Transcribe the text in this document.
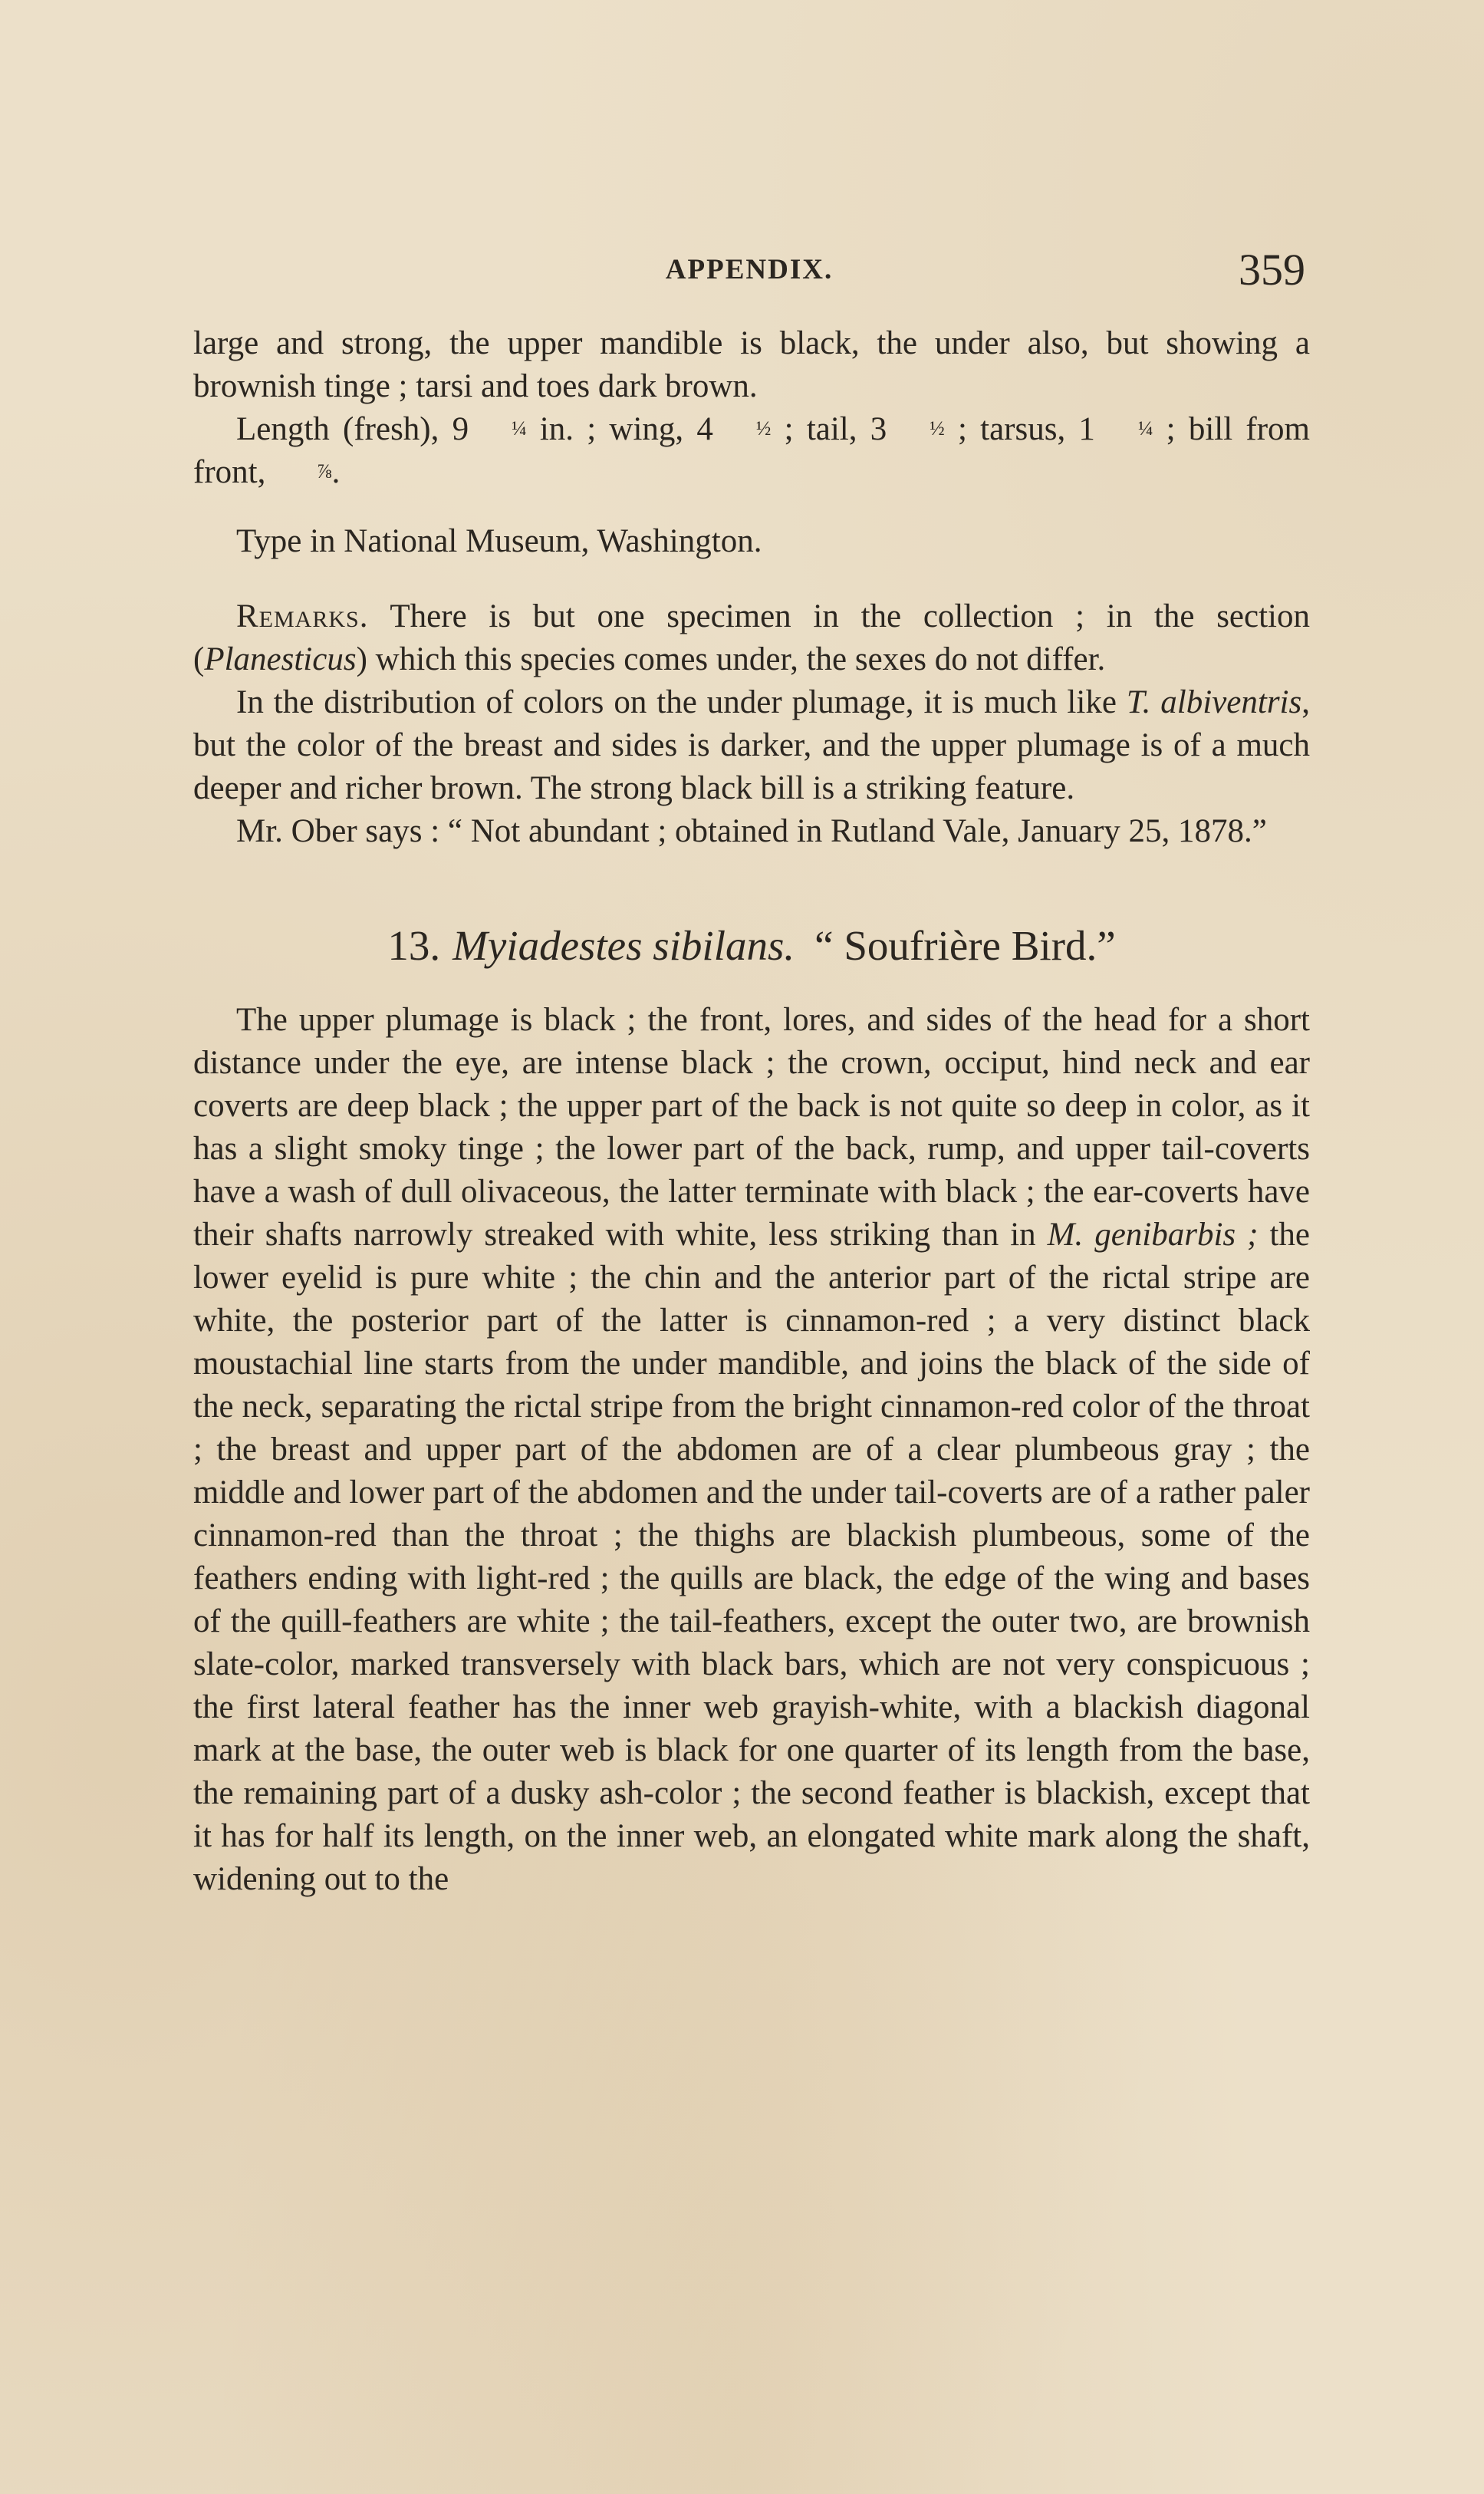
APPENDIX.	359

large and strong, the upper mandible is black, the under also, but showing a brownish tinge ; tarsi and toes dark brown.

Length (fresh), 9 ¼ in. ; wing, 4 ½ ; tail, 3 ½ ; tarsus, 1 ¼ ; bill from front, ⅞.

Type in National Museum, Washington.

Remarks. There is but one specimen in the collection ; in the section (Planesticus) which this species comes under, the sexes do not differ.

In the distribution of colors on the under plumage, it is much like T. albiventris, but the color of the breast and sides is darker, and the upper plumage is of a much deeper and richer brown. The strong black bill is a striking feature.

Mr. Ober says : “ Not abundant ; obtained in Rutland Vale, January 25, 1878.”

13. Myiadestes sibilans. “ Soufrière Bird.”

The upper plumage is black ; the front, lores, and sides of the head for a short distance under the eye, are intense black ; the crown, occiput, hind neck and ear coverts are deep black ; the upper part of the back is not quite so deep in color, as it has a slight smoky tinge ; the lower part of the back, rump, and upper tail-coverts have a wash of dull olivaceous, the latter terminate with black ; the ear-coverts have their shafts narrowly streaked with white, less striking than in M. genibarbis ; the lower eyelid is pure white ; the chin and the anterior part of the rictal stripe are white, the posterior part of the latter is cinnamon-red ; a very distinct black moustachial line starts from the under mandible, and joins the black of the side of the neck, separating the rictal stripe from the bright cinnamon-red color of the throat ; the breast and upper part of the abdomen are of a clear plumbeous gray ; the middle and lower part of the abdomen and the under tail-coverts are of a rather paler cinnamon-red than the throat ; the thighs are blackish plumbeous, some of the feathers ending with light-red ; the quills are black, the edge of the wing and bases of the quill-feathers are white ; the tail-feathers, except the outer two, are brownish slate-color, marked transversely with black bars, which are not very conspicuous ; the first lateral feather has the inner web grayish-white, with a blackish diagonal mark at the base, the outer web is black for one quarter of its length from the base, the remaining part of a dusky ash-color ; the second feather is blackish, except that it has for half its length, on the inner web, an elongated white mark along the shaft, widening out to the
